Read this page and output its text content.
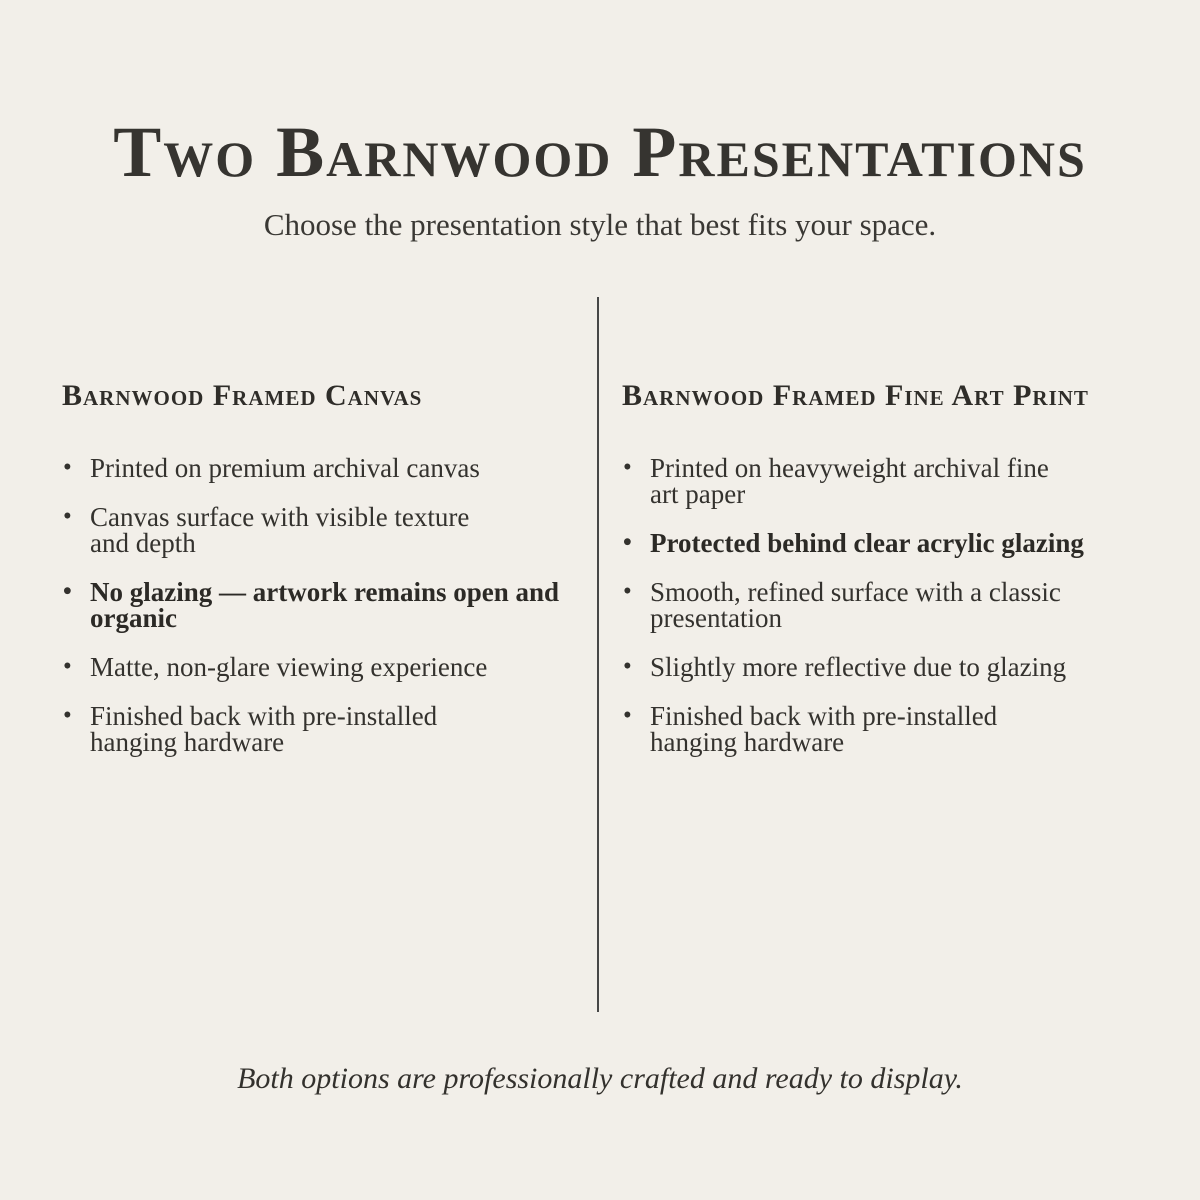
Two Barnwood Presentations

Choose the presentation style that best fits your space.

Barnwood Framed Canvas
• Printed on premium archival canvas
• Canvas surface with visible texture and depth
• No glazing — artwork remains open and organic
• Matte, non-glare viewing experience
• Finished back with pre-installed hanging hardware
Barnwood Framed Fine Art Print
• Printed on heavyweight archival fine art paper
• Protected behind clear acrylic glazing
• Smooth, refined surface with a classic presentation
• Slightly more reflective due to glazing
• Finished back with pre-installed hanging hardware

Both options are professionally crafted and ready to display.
